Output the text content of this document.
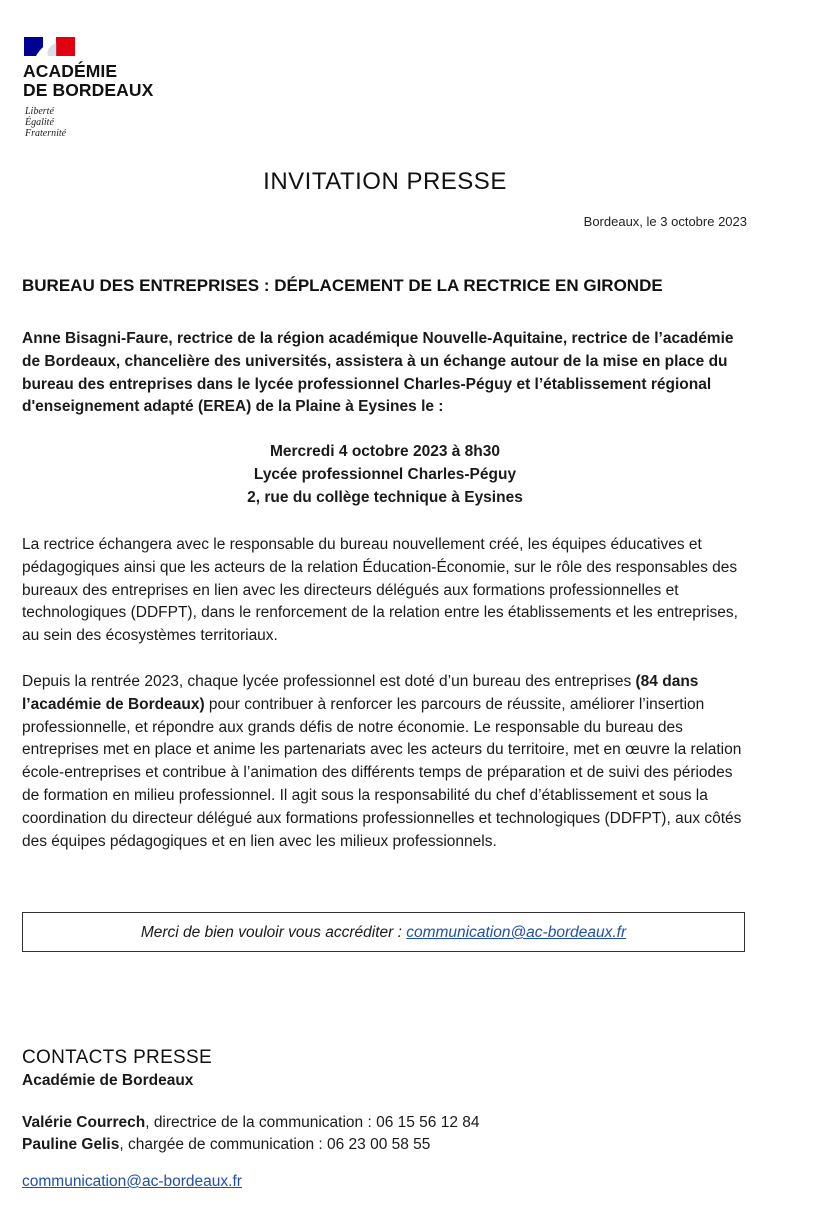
ACADÉMIE
DE BORDEAUX
Liberté
Égalité
Fraternité
INVITATION PRESSE
Bordeaux, le 3 octobre 2023
BUREAU DES ENTREPRISES : DÉPLACEMENT DE LA RECTRICE EN GIRONDE

Anne Bisagni-Faure, rectrice de la région académique Nouvelle-Aquitaine, rectrice de l’académie de Bordeaux, chancelière des universités, assistera à un échange autour de la mise en place du bureau des entreprises dans le lycée professionnel Charles-Péguy et l’établissement régional d'enseignement adapté (EREA) de la Plaine à Eysines le :

Mercredi 4 octobre 2023 à 8h30
Lycée professionnel Charles-Péguy
2, rue du collège technique à Eysines

La rectrice échangera avec le responsable du bureau nouvellement créé, les équipes éducatives et pédagogiques ainsi que les acteurs de la relation Éducation-Économie, sur le rôle des responsables des bureaux des entreprises en lien avec les directeurs délégués aux formations professionnelles et technologiques (DDFPT), dans le renforcement de la relation entre les établissements et les entreprises, au sein des écosystèmes territoriaux.

Depuis la rentrée 2023, chaque lycée professionnel est doté d’un bureau des entreprises (84 dans l’académie de Bordeaux) pour contribuer à renforcer les parcours de réussite, améliorer l’insertion professionnelle, et répondre aux grands défis de notre économie. Le responsable du bureau des entreprises met en place et anime les partenariats avec les acteurs du territoire, met en œuvre la relation école-entreprises et contribue à l’animation des différents temps de préparation et de suivi des périodes de formation en milieu professionnel. Il agit sous la responsabilité du chef d’établissement et sous la coordination du directeur délégué aux formations professionnelles et technologiques (DDFPT), aux côtés des équipes pédagogiques et en lien avec les milieux professionnels.

Merci de bien vouloir vous accréditer : communication@ac-bordeaux.fr
CONTACTS PRESSE
Académie de Bordeaux
Valérie Courrech, directrice de la communication : 06 15 56 12 84
Pauline Gelis, chargée de communication : 06 23 00 58 55
communication@ac-bordeaux.fr
